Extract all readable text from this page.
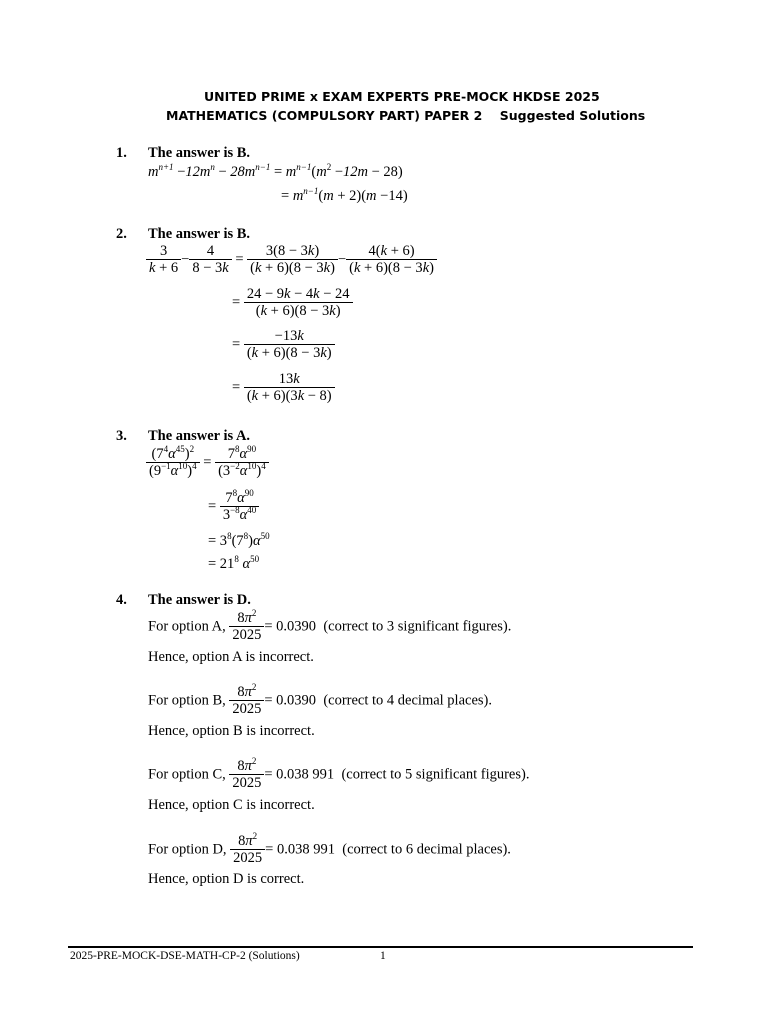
UNITED PRIME x EXAM EXPERTS PRE-MOCK HKDSE 2025
MATHEMATICS (COMPULSORY PART) PAPER 2 Suggested Solutions
1. The answer is B.
$m^{n+1} -12m^n - 28m^{n-1} = m^{n-1}(m^2 -12m - 28)$
= $m^{n-1}(m + 2)(m -14)$
2. The answer is B.
$\frac{3}{k + 6} - \frac{4}{8 - 3k} = \frac{3(8 - 3k)}{(k + 6)(8 - 3k)} - \frac{4(k + 6)}{(k + 6)(8 - 3k)}$
= $\frac{24 - 9k - 4k - 24}{(k + 6)(8 - 3k)}$
= $\frac{-13k}{(k + 6)(8 - 3k)}$
= $\frac{13k}{(k + 6)(3k - 8)}$
3. The answer is A.
$\frac{(7^4\alpha^{45})^2}{(9^{-1}\alpha^{10})^4} = \frac{7^8\alpha^{90}}{(3^{-2}\alpha^{10})^4}$
= $\frac{7^8\alpha^{90}}{3^{-8}\alpha^{40}}$
= $3^8(7^8)\alpha^{50}$
= $21^8$ $\alpha^{50}$
4. The answer is D.
For option A, $\frac{8\pi^2}{2025} = 0.0390$ (correct to 3 significant figures).
Hence, option A is incorrect.
For option B, $\frac{8\pi^2}{2025} = 0.0390$ (correct to 4 decimal places).
Hence, option B is incorrect.
For option C, $\frac{8\pi^2}{2025} = 0.038$ 991 (correct to 5 significant figures).
Hence, option C is incorrect.
For option D, $\frac{8\pi^2}{2025} = 0.038$ 991 (correct to 6 decimal places).
Hence, option D is correct.
2025-PRE-MOCK-DSE-MATH-CP-2 (Solutions)	1
